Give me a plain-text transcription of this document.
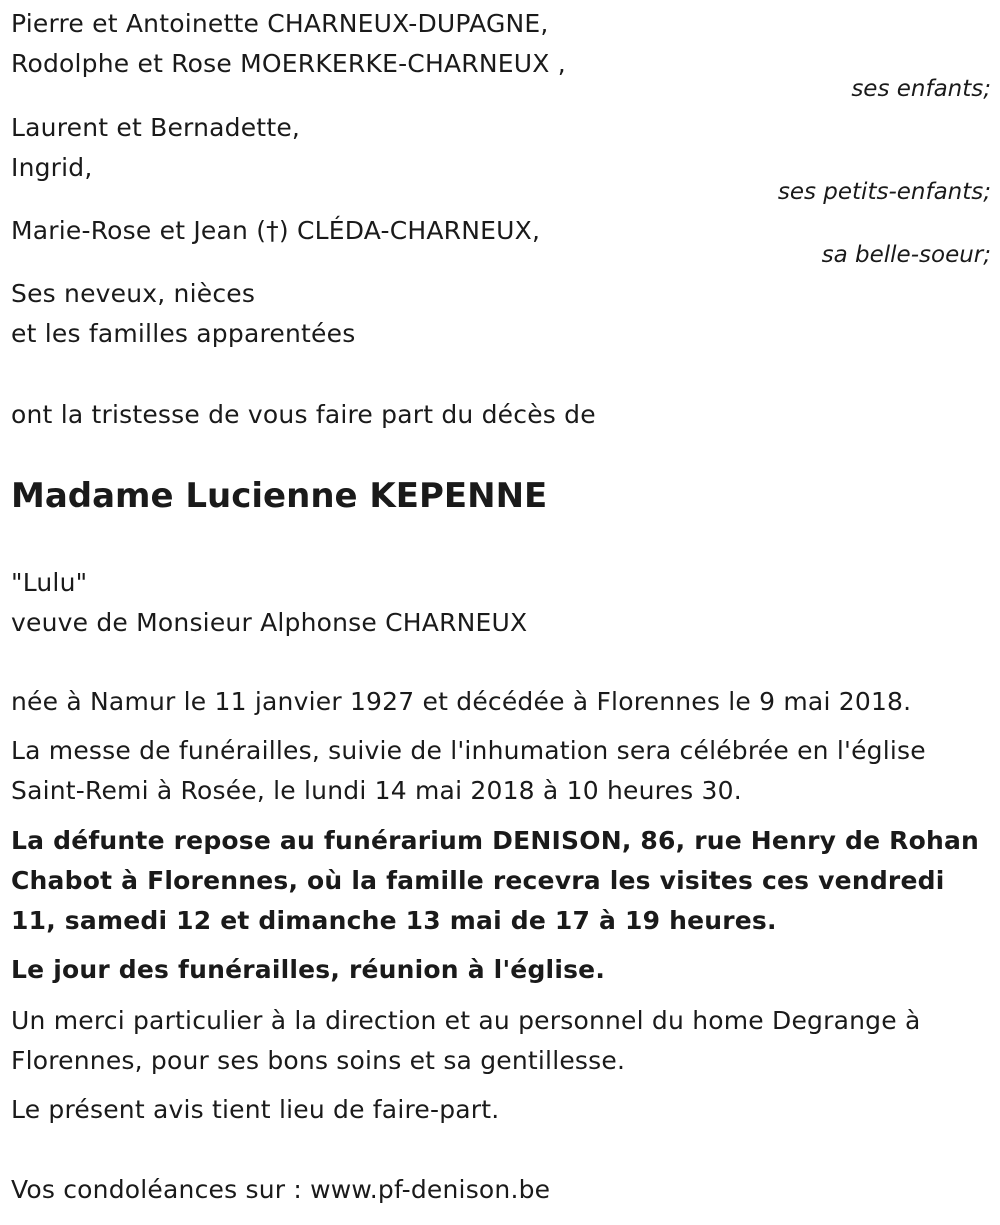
Pierre et Antoinette CHARNEUX-DUPAGNE,
Rodolphe et Rose MOERKERKE-CHARNEUX ,
ses enfants;
Laurent et Bernadette,
Ingrid,
ses petits-enfants;
Marie-Rose et Jean (†) CLÉDA-CHARNEUX,
sa belle-soeur;
Ses neveux, nièces
et les familles apparentées
ont la tristesse de vous faire part du décès de
Madame Lucienne KEPENNE
"Lulu"
veuve de Monsieur Alphonse CHARNEUX
née à Namur le 11 janvier 1927 et décédée à Florennes le 9 mai 2018.
La messe de funérailles, suivie de l'inhumation sera célébrée en l'église Saint-Remi à Rosée, le lundi 14 mai 2018 à 10 heures 30.
La défunte repose au funérarium DENISON, 86, rue Henry de Rohan Chabot à Florennes, où la famille recevra les visites ces vendredi 11, samedi 12 et dimanche 13 mai de 17 à 19 heures.
Le jour des funérailles, réunion à l'église.
Un merci particulier à la direction et au personnel du home Degrange à Florennes, pour ses bons soins et sa gentillesse.
Le présent avis tient lieu de faire-part.
Vos condoléances sur : www.pf-denison.be
